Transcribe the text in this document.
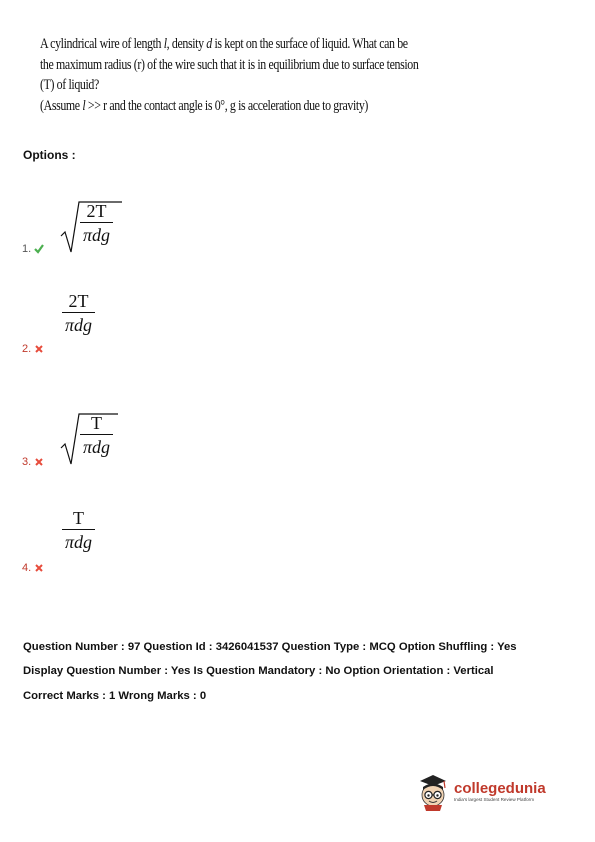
A cylindrical wire of length l, density d is kept on the surface of liquid. What can be
the maximum radius (r) of the wire such that it is in equilibrium due to surface tension
(T) of liquid?
(Assume l >> r and the contact angle is 0°, g is acceleration due to gravity)
Options :
2T
πdg
1.
$\frac{2T}{\text{πdg}}$
2.
T
πdg
3.
$\frac{T}{\text{πdg}}$
4.
Question Number : 97 Question Id : 3426041537 Question Type : MCQ Option Shuffling : Yes
Display Question Number : Yes Is Question Mandatory : No Option Orientation : Vertical
Correct Marks : 1 Wrong Marks : 0
collegedunia
India's largest Student Review Platform
